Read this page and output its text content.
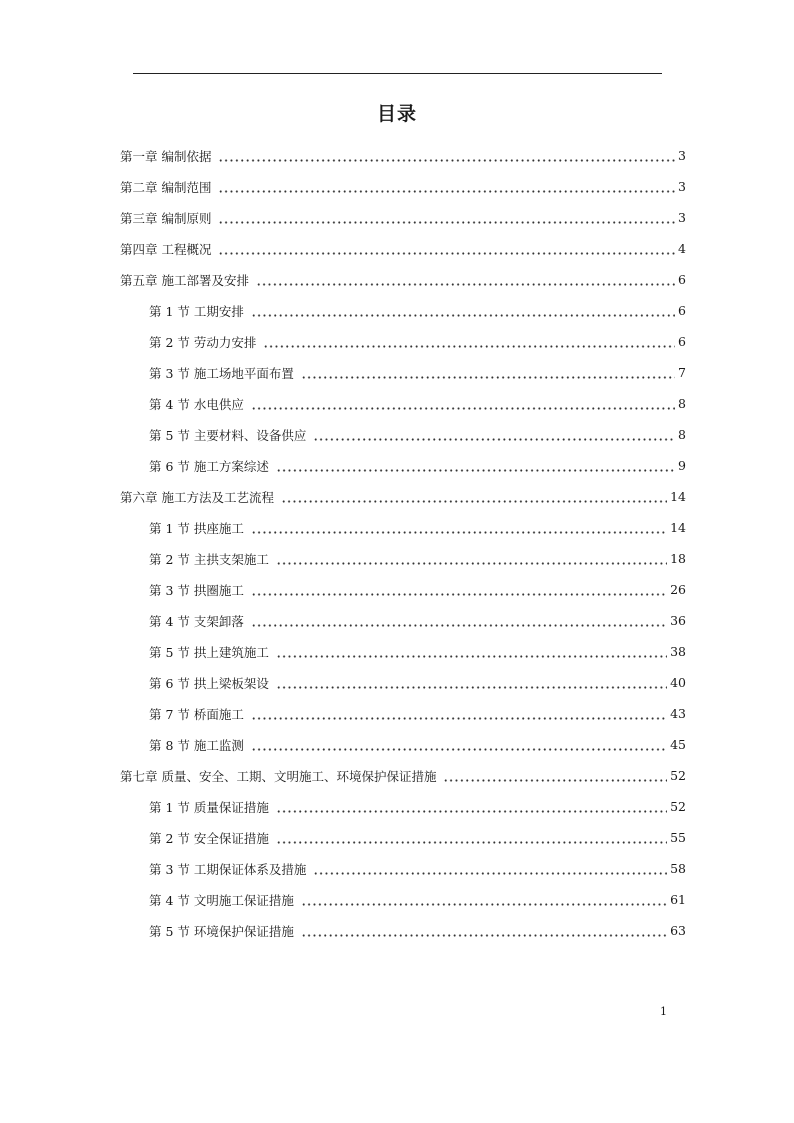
目录
第一章 编制依据	3
第二章 编制范围	3
第三章 编制原则	3
第四章 工程概况	4
第五章 施工部署及安排	6
第 1 节 工期安排	6
第 2 节 劳动力安排	6
第 3 节 施工场地平面布置	7
第 4 节 水电供应	8
第 5 节 主要材料、设备供应	8
第 6 节 施工方案综述	9
第六章 施工方法及工艺流程	14
第 1 节 拱座施工	14
第 2 节 主拱支架施工	18
第 3 节 拱圈施工	26
第 4 节 支架卸落	36
第 5 节 拱上建筑施工	38
第 6 节 拱上梁板架设	40
第 7 节 桥面施工	43
第 8 节 施工监测	45
第七章 质量、安全、工期、文明施工、环境保护保证措施	52
第 1 节 质量保证措施	52
第 2 节 安全保证措施	55
第 3 节 工期保证体系及措施	58
第 4 节 文明施工保证措施	61
第 5 节 环境保护保证措施	63
1
